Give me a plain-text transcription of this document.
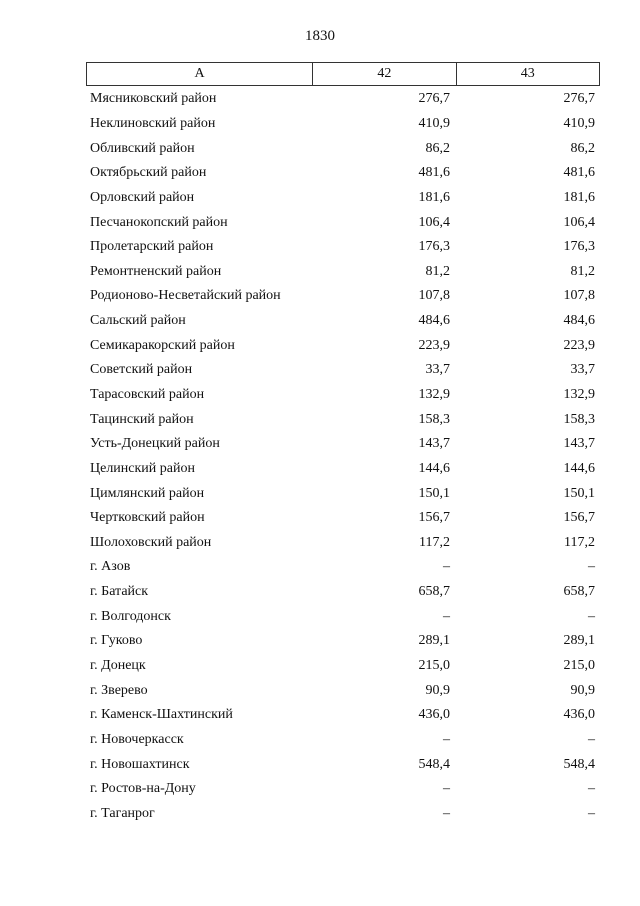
1830
А	42	43
Мясниковский район	276,7	276,7
Неклиновский район	410,9	410,9
Обливский район	86,2	86,2
Октябрьский район	481,6	481,6
Орловский район	181,6	181,6
Песчанокопский район	106,4	106,4
Пролетарский район	176,3	176,3
Ремонтненский район	81,2	81,2
Родионово-Несветайский район	107,8	107,8
Сальский район	484,6	484,6
Семикаракорский район	223,9	223,9
Советский район	33,7	33,7
Тарасовский район	132,9	132,9
Тацинский район	158,3	158,3
Усть-Донецкий район	143,7	143,7
Целинский район	144,6	144,6
Цимлянский район	150,1	150,1
Чертковский район	156,7	156,7
Шолоховский район	117,2	117,2
г. Азов	–	–
г. Батайск	658,7	658,7
г. Волгодонск	–	–
г. Гуково	289,1	289,1
г. Донецк	215,0	215,0
г. Зверево	90,9	90,9
г. Каменск-Шахтинский	436,0	436,0
г. Новочеркасск	–	–
г. Новошахтинск	548,4	548,4
г. Ростов-на-Дону	–	–
г. Таганрог	–	–
